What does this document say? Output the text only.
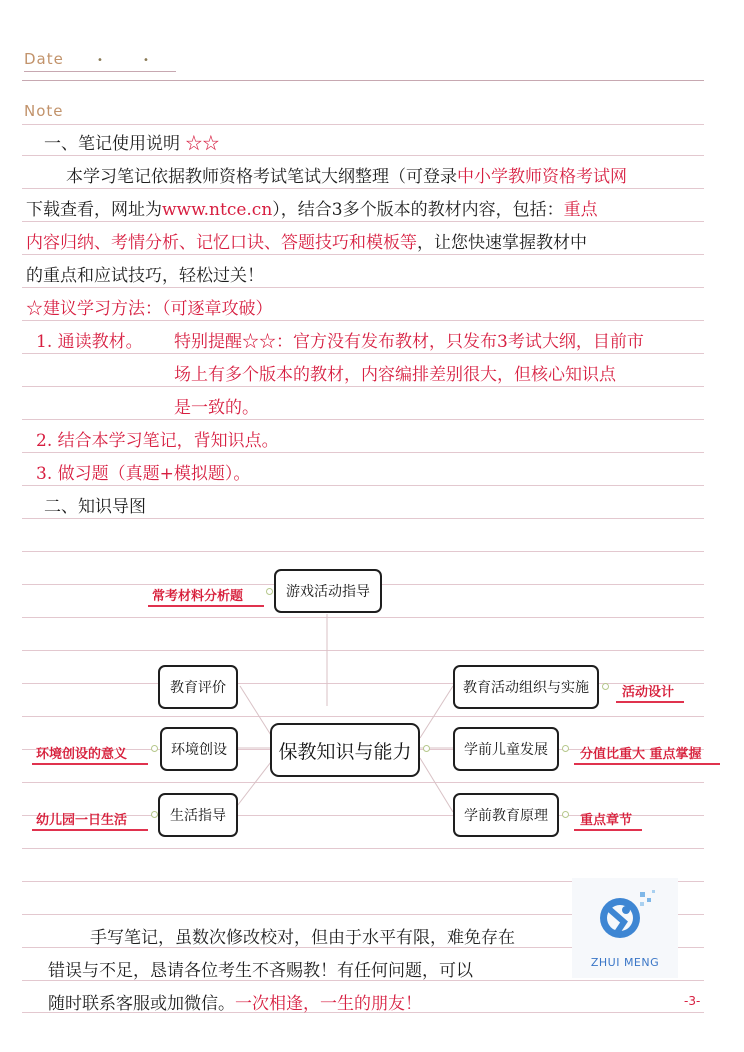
Date	•	•
Note
一、笔记使用说明 ☆☆
本学习笔记依据教师资格考试笔试大纲整理（可登录中小学教师资格考试网
下载查看，网址为www.ntce.cn），结合3多个版本的教材内容，包括：重点
内容归纳、考情分析、记忆口诀、答题技巧和模板等，让您快速掌握教材中
的重点和应试技巧，轻松过关！
☆建议学习方法：（可逐章攻破）
1. 通读教材。 特别提醒☆☆：官方没有发布教材，只发布3考试大纲，目前市
场上有多个版本的教材，内容编排差别很大，但核心知识点
是一致的。
2. 结合本学习笔记，背知识点。
3. 做习题（真题+模拟题）。
二、知识导图
游戏活动指导
保教知识与能力
教育评价
环境创设
生活指导
教育活动组织与实施
学前儿童发展
学前教育原理
常考材料分析题
环境创设的意义
幼儿园一日生活
活动设计
分值比重大 重点掌握
重点章节
手写笔记，虽数次修改校对，但由于水平有限，难免存在
错误与不足，恳请各位考生不吝赐教！有任何问题，可以
随时联系客服或加微信。一次相逢，一生的朋友！
ZHUI MENG
-3-
